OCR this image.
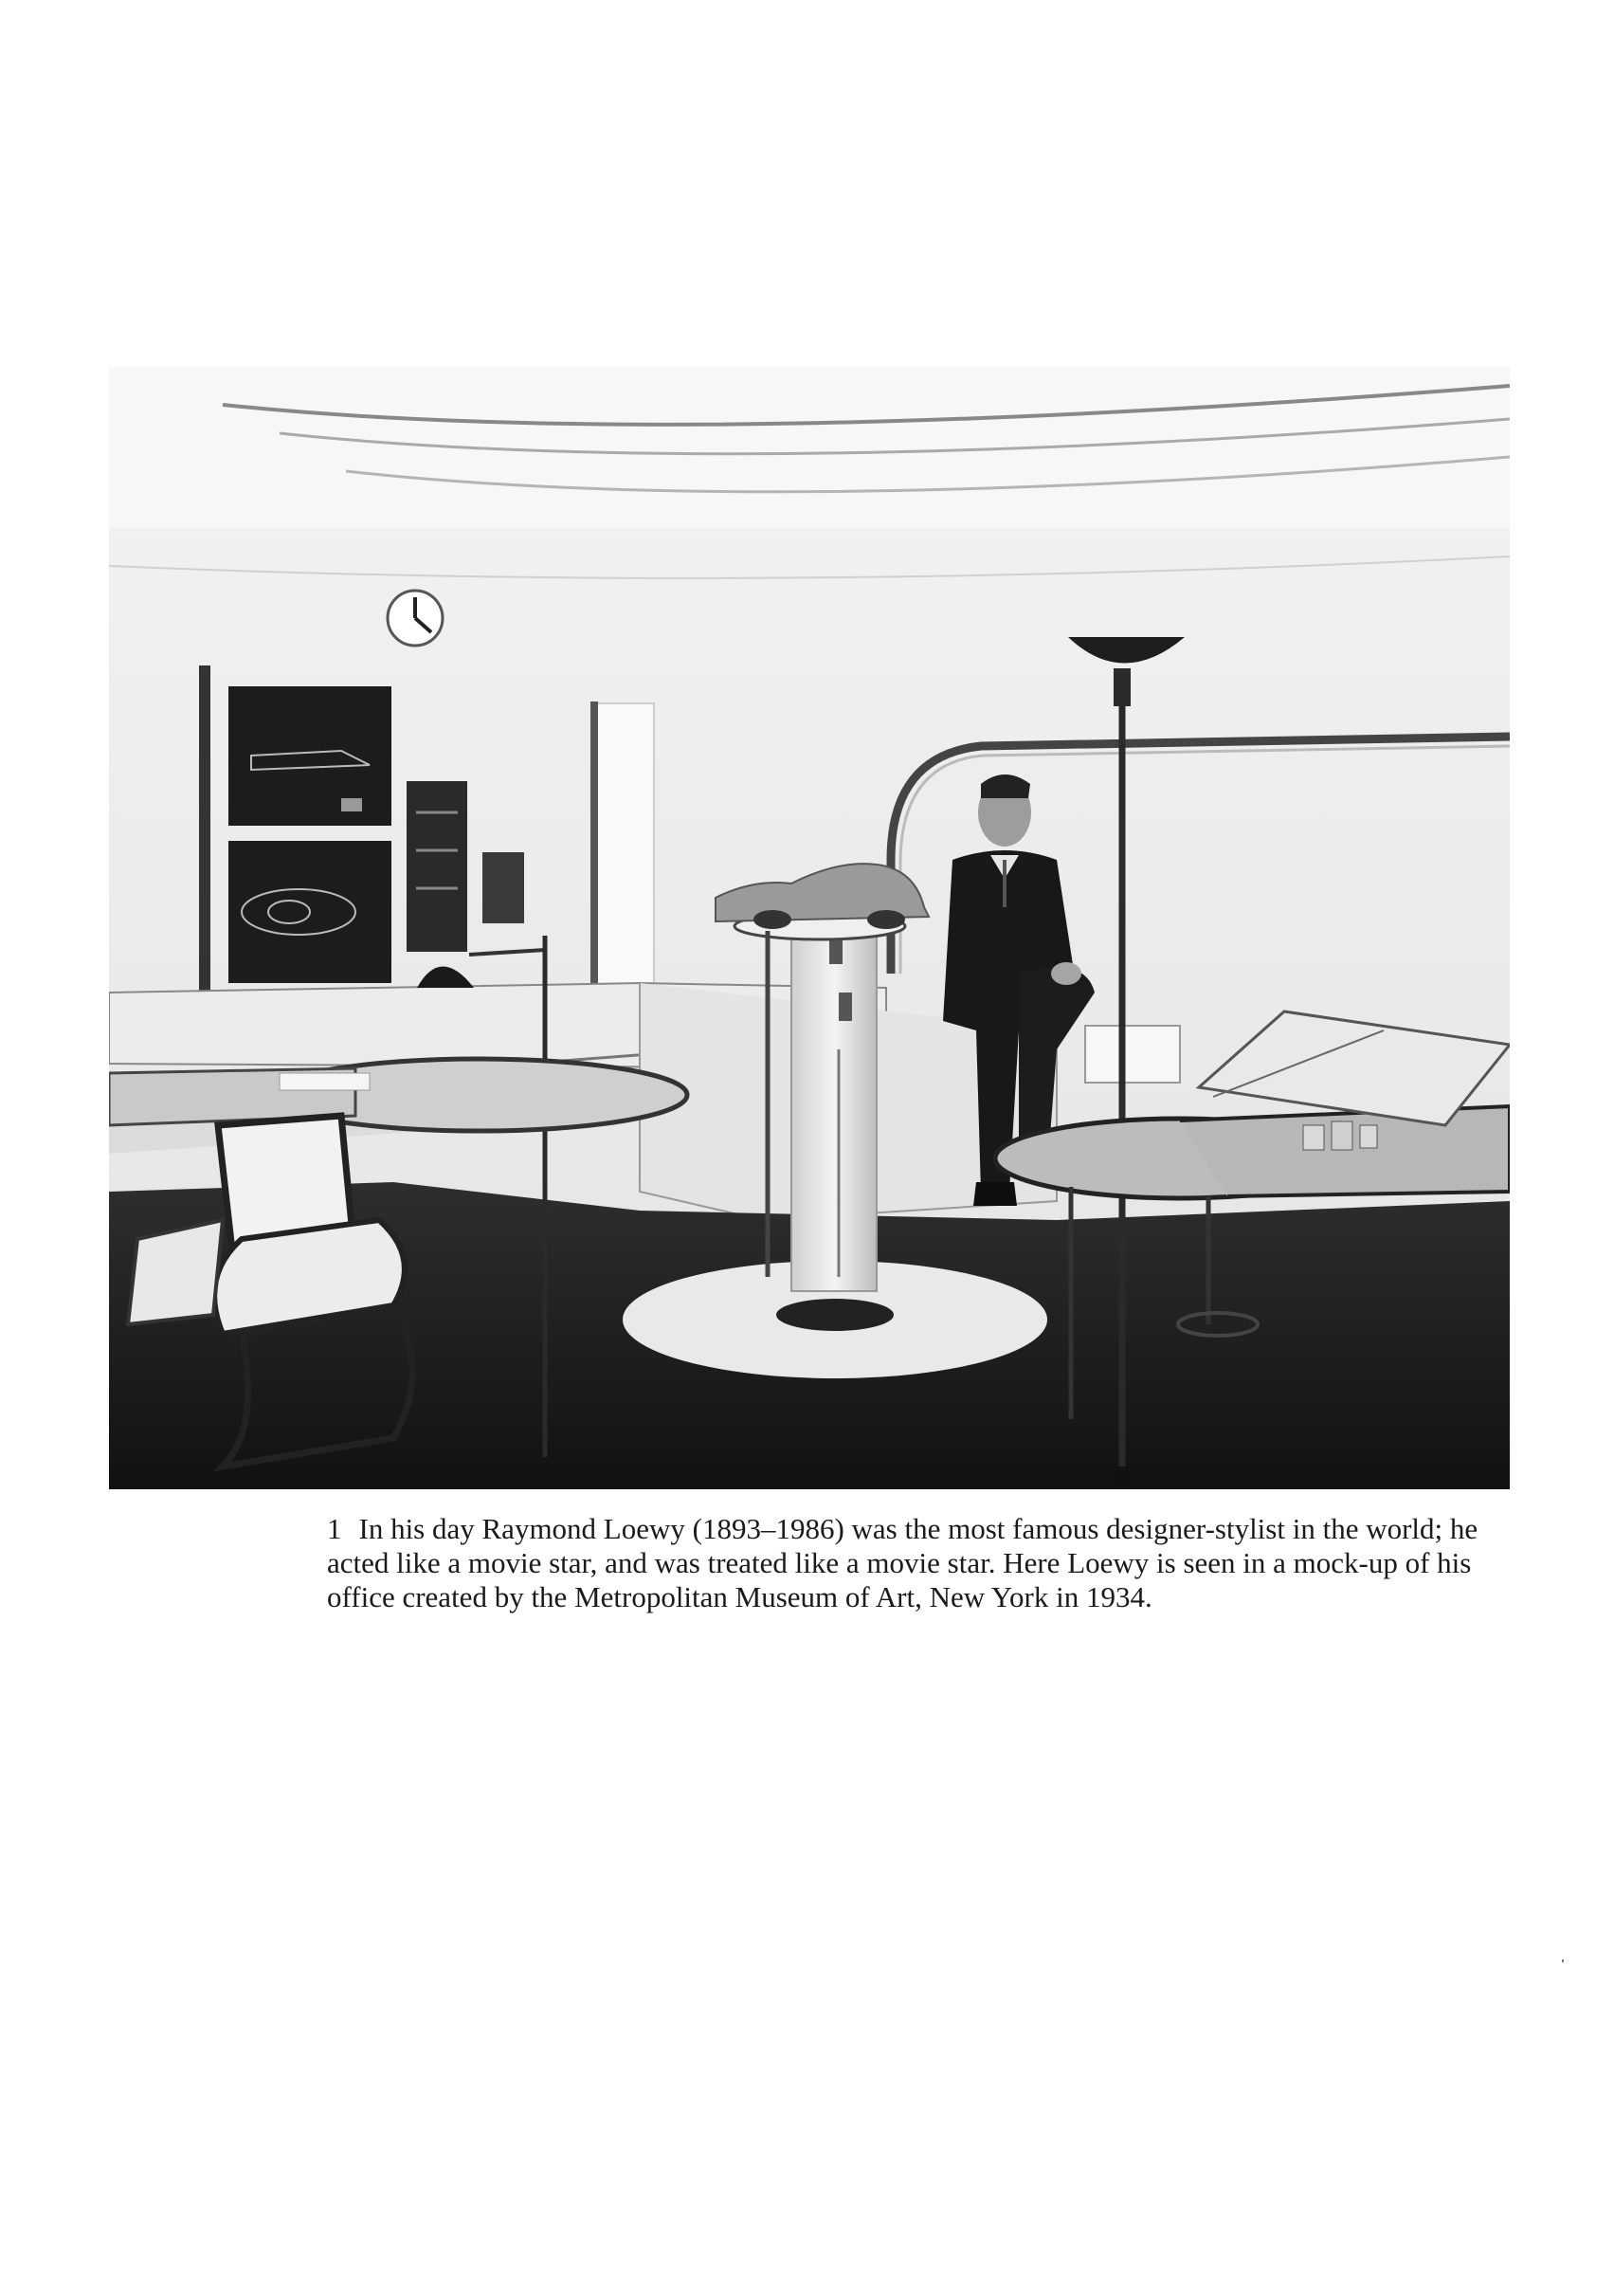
1 In his day Raymond Loewy (1893–1986) was the most famous designer-stylist in the world; he acted like a movie star, and was treated like a movie star. Here Loewy is seen in a mock-up of his office created by the Metropolitan Museum of Art, New York in 1934.
